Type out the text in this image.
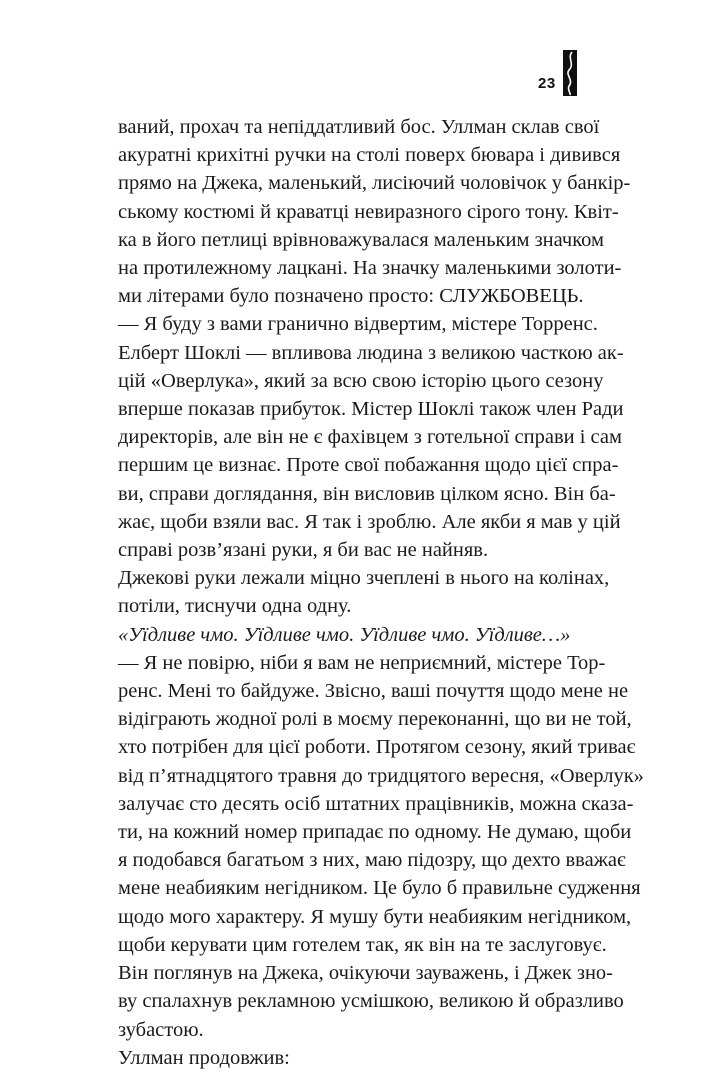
23
ваний, прохач та непіддатливий бос. Уллман склав свої
акуратні крихітні ручки на столі поверх бювара і дивився
прямо на Джека, маленький, лисіючий чоловічок у банкір-
ському костюмі й краватці невиразного сірого тону. Квіт-
ка в його петлиці врівноважувалася маленьким значком
на протилежному лацкані. На значку маленькими золоти-
ми літерами було позначено просто: СЛУЖБОВЕЦЬ.
— Я буду з вами гранично відвертим, містере Торренс.
Елберт Шоклі — впливова людина з великою часткою ак-
цій «Оверлука», який за всю свою історію цього сезону
вперше показав прибуток. Містер Шоклі також член Ради
директорів, але він не є фахівцем з готельної справи і сам
першим це визнає. Проте свої побажання щодо цієї спра-
ви, справи доглядання, він висловив цілком ясно. Він ба-
жає, щоби взяли вас. Я так і зроблю. Але якби я мав у цій
справі розв’язані руки, я би вас не найняв.
Джекові руки лежали міцно зчеплені в нього на колінах,
потіли, тиснучи одна одну.
«Уїдливе чмо. Уїдливе чмо. Уїдливе чмо. Уїдливе…»
— Я не повірю, ніби я вам не неприємний, містере Тор-
ренс. Мені то байдуже. Звісно, ваші почуття щодо мене не
відіграють жодної ролі в моєму переконанні, що ви не той,
хто потрібен для цієї роботи. Протягом сезону, який триває
від п’ятнадцятого травня до тридцятого вересня, «Оверлук»
залучає сто десять осіб штатних працівників, можна сказа-
ти, на кожний номер припадає по одному. Не думаю, щоби
я подобався багатьом з них, маю підозру, що дехто вважає
мене неабияким негідником. Це було б правильне судження
щодо мого характеру. Я мушу бути неабияким негідником,
щоби керувати цим готелем так, як він на те заслуговує.
Він поглянув на Джека, очікуючи зауважень, і Джек зно-
ву спалахнув рекламною усмішкою, великою й образливо
зубастою.
Уллман продовжив:
